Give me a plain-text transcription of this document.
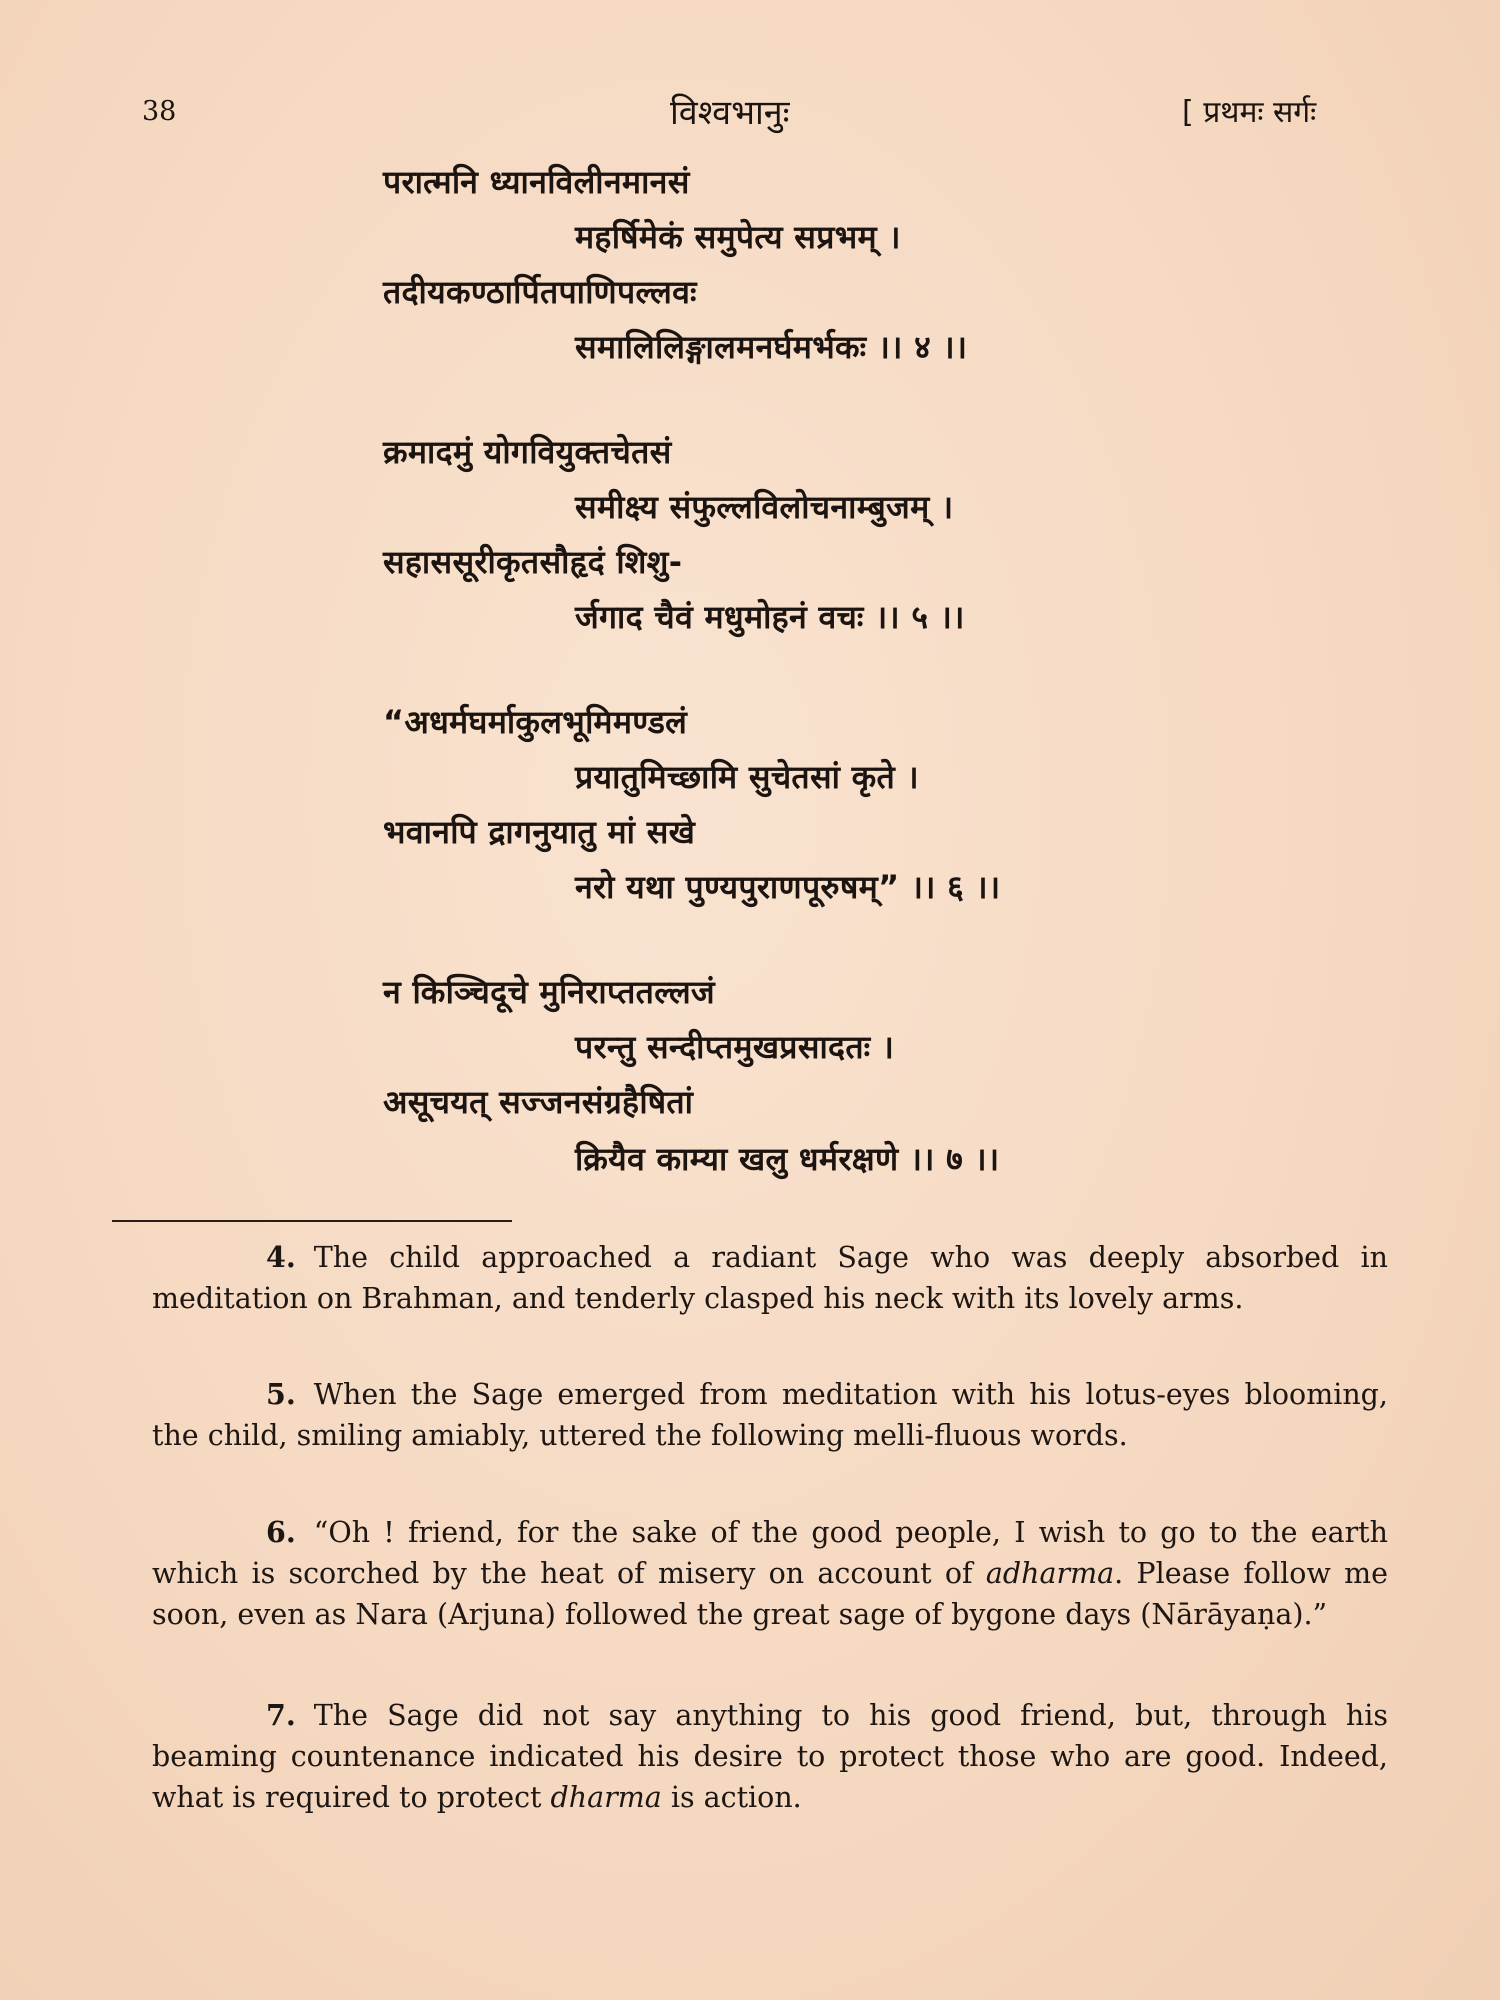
38	विश्वभानुः	[ प्रथमः सर्गः
परात्मनि ध्यानविलीनमानसं
महर्षिमेकं समुपेत्य सप्रभम् ।
तदीयकण्ठार्पितपाणिपल्लवः
समालिलिङ्गालमनर्घमर्भकः ।। ४ ।।
क्रमादमुं योगवियुक्तचेतसं
समीक्ष्य संफुल्लविलोचनाम्बुजम् ।
सहाससूरीकृतसौहृदं शिशु-
र्जगाद चैवं मधुमोहनं वचः ।। ५ ।।
“अधर्मघर्माकुलभूमिमण्डलं
प्रयातुमिच्छामि सुचेतसां कृते ।
भवानपि द्रागनुयातु मां सखे
नरो यथा पुण्यपुराणपूरुषम्” ।। ६ ।।
न किञ्चिदूचे मुनिराप्ततल्लजं
परन्तु सन्दीप्तमुखप्रसादतः ।
असूचयत् सज्जनसंग्रहैषितां
क्रियैव काम्या खलु धर्मरक्षणे ।। ७ ।।

4. The child approached a radiant Sage who was deeply absorbed in meditation on Brahman, and tenderly clasped his neck with its lovely arms.

5. When the Sage emerged from meditation with his lotus-eyes blooming, the child, smiling amiably, uttered the following melli-fluous words.

6. “Oh ! friend, for the sake of the good people, I wish to go to the earth which is scorched by the heat of misery on account of adharma. Please follow me soon, even as Nara (Arjuna) followed the great sage of bygone days (Nārāyaṇa).”

7. The Sage did not say anything to his good friend, but, through his beaming countenance indicated his desire to protect those who are good. Indeed, what is required to protect dharma is action.
